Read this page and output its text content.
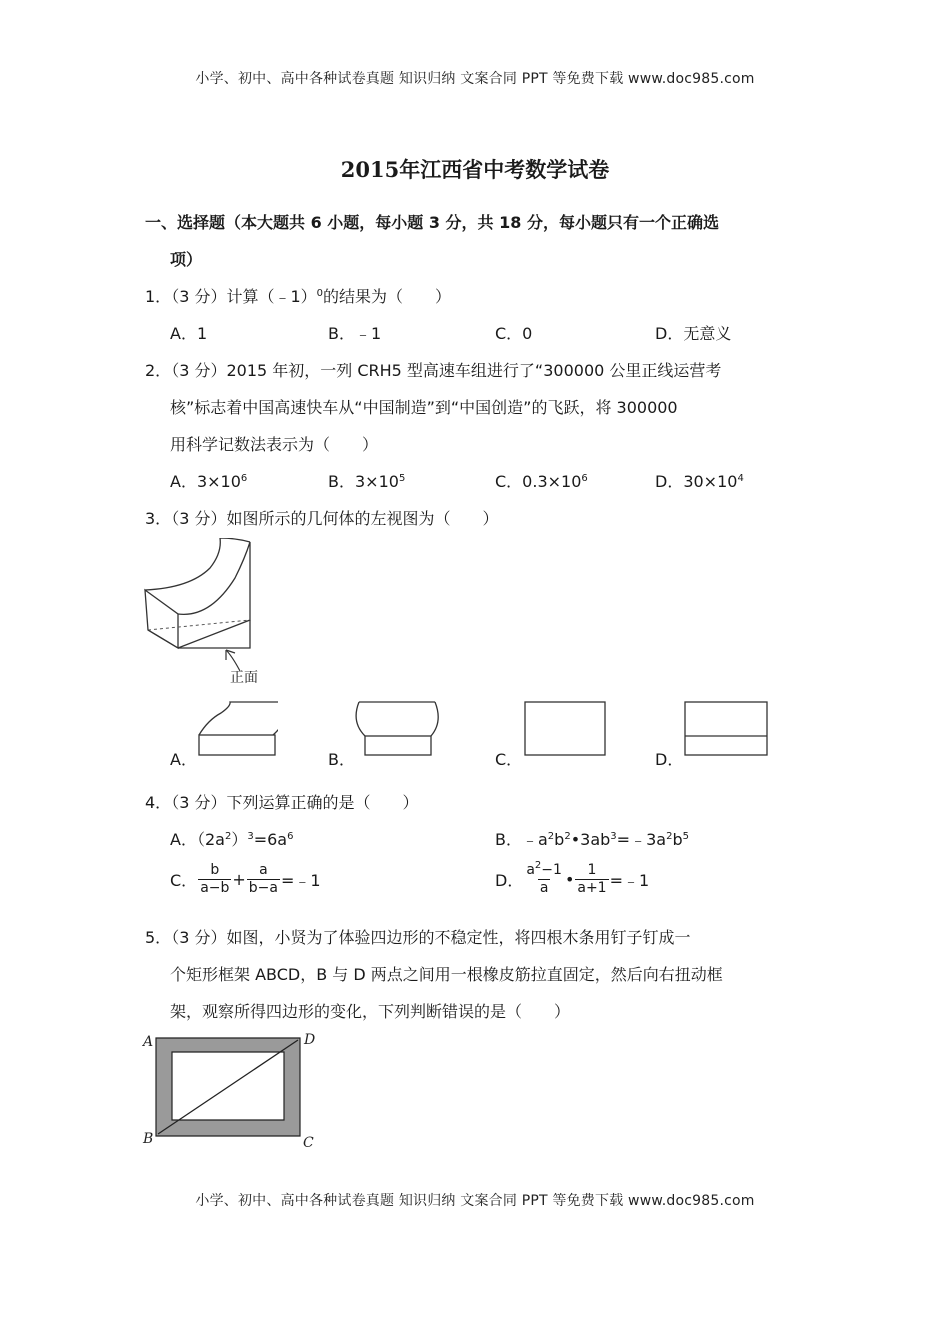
小学、初中、高中各种试卷真题 知识归纳 文案合同 PPT 等免费下载 www.doc985.com
2015年江西省中考数学试卷
一、选择题（本大题共 6 小题，每小题 3 分，共 18 分，每小题只有一个正确选
项）
1．（3 分）计算（﹣1）$^0$的结果为（　　）
A．1	B．﹣1	C．0	D．无意义
2．（3 分）2015 年初，一列 CRH5 型高速车组进行了“300000 公里正线运营考
核”标志着中国高速快车从“中国制造”到“中国创造”的飞跃，将 300000
用科学记数法表示为（　　）
A．$3\times 10^6$	B．$3\times 10^5$	C．$0.3\times 10^6$	D．$30\times 10^4$
3．（3 分）如图所示的几何体的左视图为（　　）
正面
A．	B．	C．	D．
4．（3 分）下列运算正确的是（　　）
A．$(2a^2)^3=6a^6$	B．$﹣a^2b^2•3ab^3=﹣3a^2b^5$
C． $\frac{b}{a-b} + \frac{a}{b-a}$ =﹣1	D． $\frac{a^2-1}{a}$ • $\frac{1}{a+1}$ =﹣1
5．（3 分）如图，小贤为了体验四边形的不稳定性，将四根木条用钉子钉成一
个矩形框架 ABCD，B 与 D 两点之间用一根橡皮筋拉直固定，然后向右扭动框
架，观察所得四边形的变化，下列判断错误的是（　　）
A	D
B	C
小学、初中、高中各种试卷真题 知识归纳 文案合同 PPT 等免费下载 www.doc985.com
